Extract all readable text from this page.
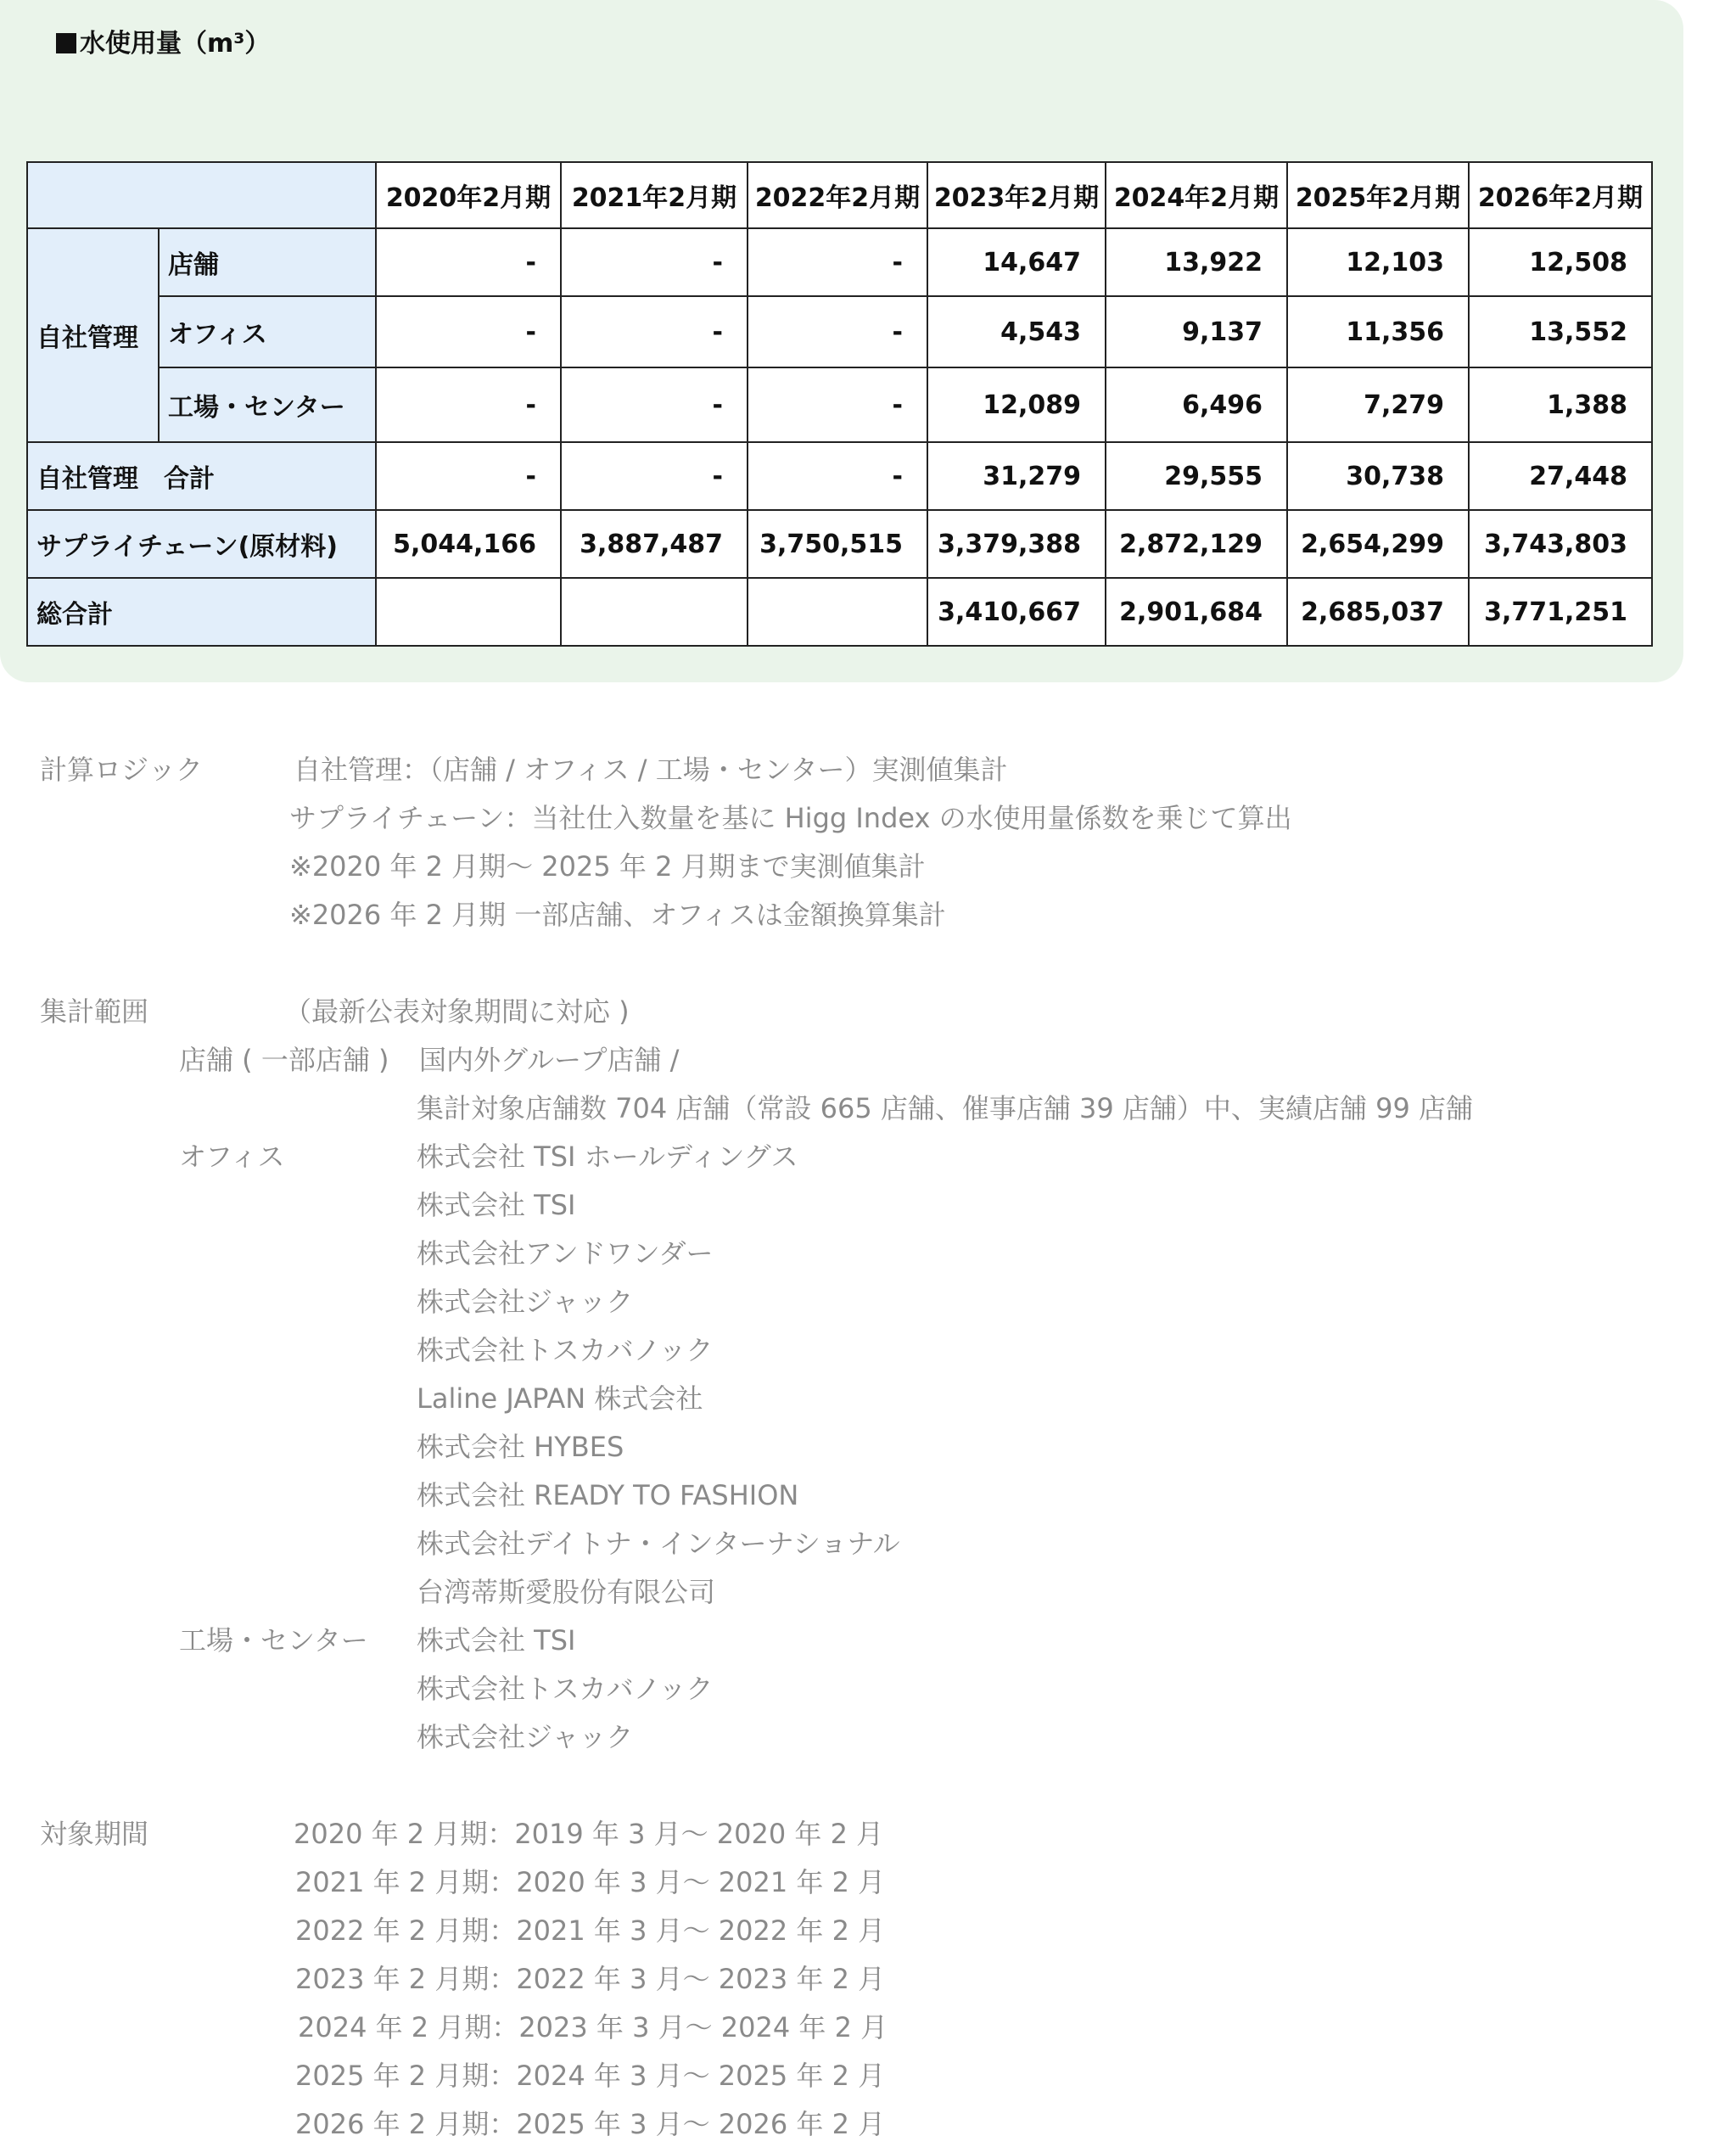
水使用量（m³）
		2020年2月期	2021年2月期	2022年2月期	2023年2月期	2024年2月期	2025年2月期	2026年2月期
自社管理	店舗	-	-	-	14,647	13,922	12,103	12,508
	オフィス	-	-	-	4,543	9,137	11,356	13,552
	工場・センター	-	-	-	12,089	6,496	7,279	1,388
自社管理　合計		-	-	-	31,279	29,555	30,738	27,448
サプライチェーン(原材料)		5,044,166	3,887,487	3,750,515	3,379,388	2,872,129	2,654,299	3,743,803
総合計					3,410,667	2,901,684	2,685,037	3,771,251
計算ロジック	自社管理：（店舗 / オフィス / 工場・センター）実測値集計
サプライチェーン：当社仕入数量を基に Higg Index の水使用量係数を乗じて算出
※2020 年 2 月期〜 2025 年 2 月期まで実測値集計
※2026 年 2 月期 一部店舗、オフィスは金額換算集計
集計範囲	（最新公表対象期間に対応 )
店舗 ( 一部店舗 ) 国内外グループ店舗 /
集計対象店舗数 704 店舗（常設 665 店舗、催事店舗 39 店舗）中、実績店舗 99 店舗
オフィス	株式会社 TSI ホールディングス
株式会社 TSI
株式会社アンドワンダー
株式会社ジャック
株式会社トスカバノック
Laline JAPAN 株式会社
株式会社 HYBES
株式会社 READY TO FASHION
株式会社デイトナ・インターナショナル
台湾蒂斯愛股份有限公司
工場・センター 株式会社 TSI
株式会社トスカバノック
株式会社ジャック
対象期間	2020 年 2 月期：2019 年 3 月〜 2020 年 2 月
2021 年 2 月期：2020 年 3 月〜 2021 年 2 月
2022 年 2 月期：2021 年 3 月〜 2022 年 2 月
2023 年 2 月期：2022 年 3 月〜 2023 年 2 月
2024 年 2 月期：2023 年 3 月〜 2024 年 2 月
2025 年 2 月期：2024 年 3 月〜 2025 年 2 月
2026 年 2 月期：2025 年 3 月〜 2026 年 2 月
